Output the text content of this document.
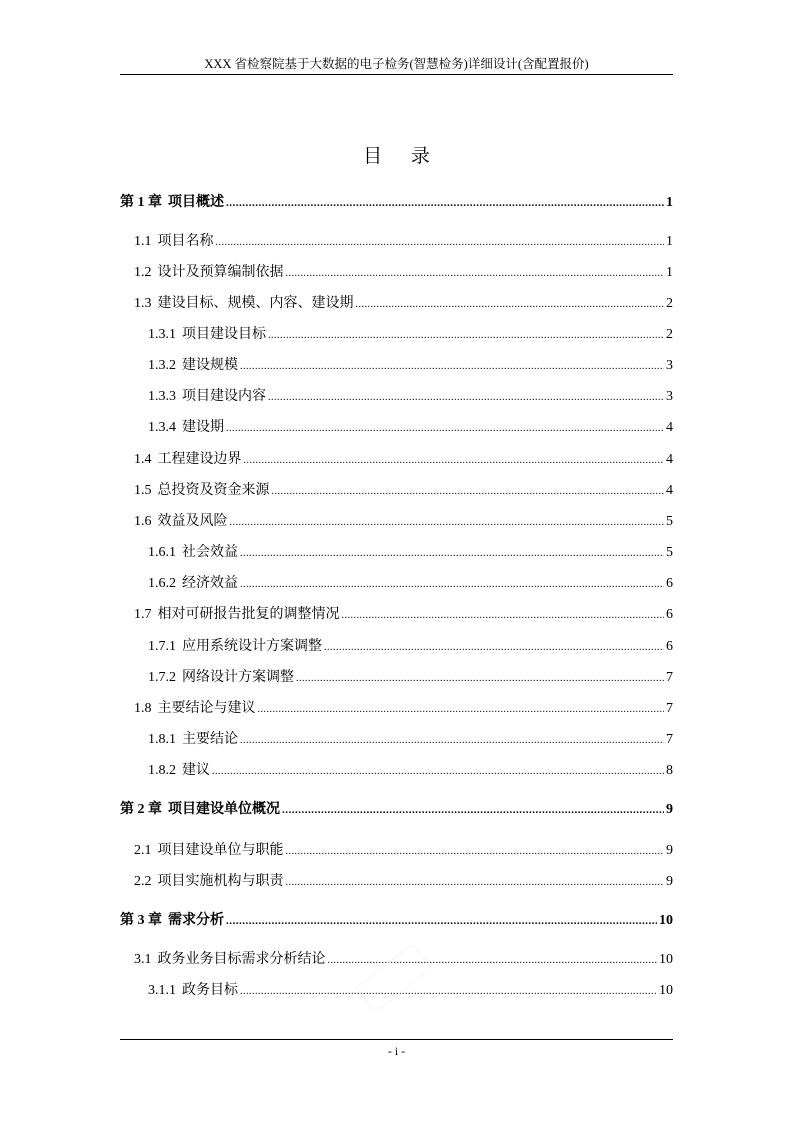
XXX 省检察院基于大数据的电子检务(智慧检务)详细设计(含配置报价)
目 录
第 1 章 项目概述 .....	1
1.1 项目名称 .....	1
1.2 设计及预算编制依据 .....	1
1.3 建设目标、规模、内容、建设期 .....	2
1.3.1 项目建设目标 .....	2
1.3.2 建设规模 .....	3
1.3.3 项目建设内容 .....	3
1.3.4 建设期 .....	4
1.4 工程建设边界 .....	4
1.5 总投资及资金来源 .....	4
1.6 效益及风险 .....	5
1.6.1 社会效益 .....	5
1.6.2 经济效益 .....	6
1.7 相对可研报告批复的调整情况 .....	6
1.7.1 应用系统设计方案调整 .....	6
1.7.2 网络设计方案调整 .....	7
1.8 主要结论与建议 .....	7
1.8.1 主要结论 .....	7
1.8.2 建议 .....	8
第 2 章 项目建设单位概况 .....	9
2.1 项目建设单位与职能 .....	9
2.2 项目实施机构与职责 .....	9
第 3 章 需求分析 .....	10
3.1 政务业务目标需求分析结论 .....	10
3.1.1 政务目标 .....	10
- i -
